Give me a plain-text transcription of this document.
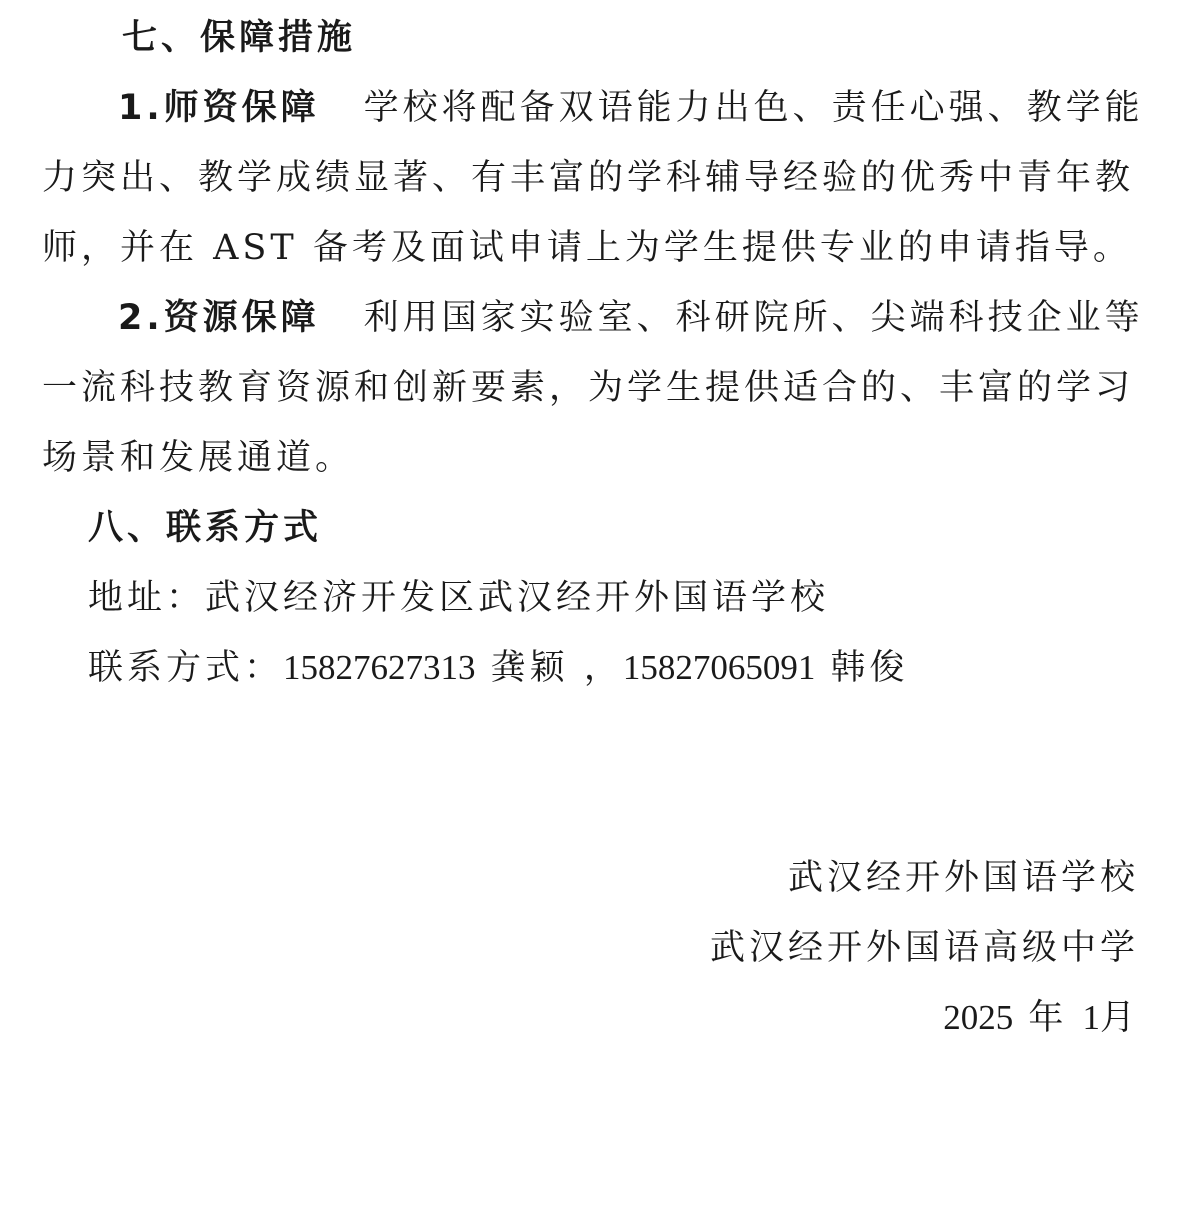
七、保障措施
1.师资保障 学校将配备双语能力出色、责任心强、教学能
力突出、教学成绩显著、有丰富的学科辅导经验的优秀中青年教
师，并在 AST 备考及面试申请上为学生提供专业的申请指导。
2.资源保障 利用国家实验室、科研院所、尖端科技企业等
一流科技教育资源和创新要素，为学生提供适合的、丰富的学习
场景和发展通道。
八、联系方式
地址：武汉经济开发区武汉经开外国语学校
联系方式：15827627313 龚颖 ，15827065091 韩俊
武汉经开外国语学校
武汉经开外国语高级中学
2025 年 1月
